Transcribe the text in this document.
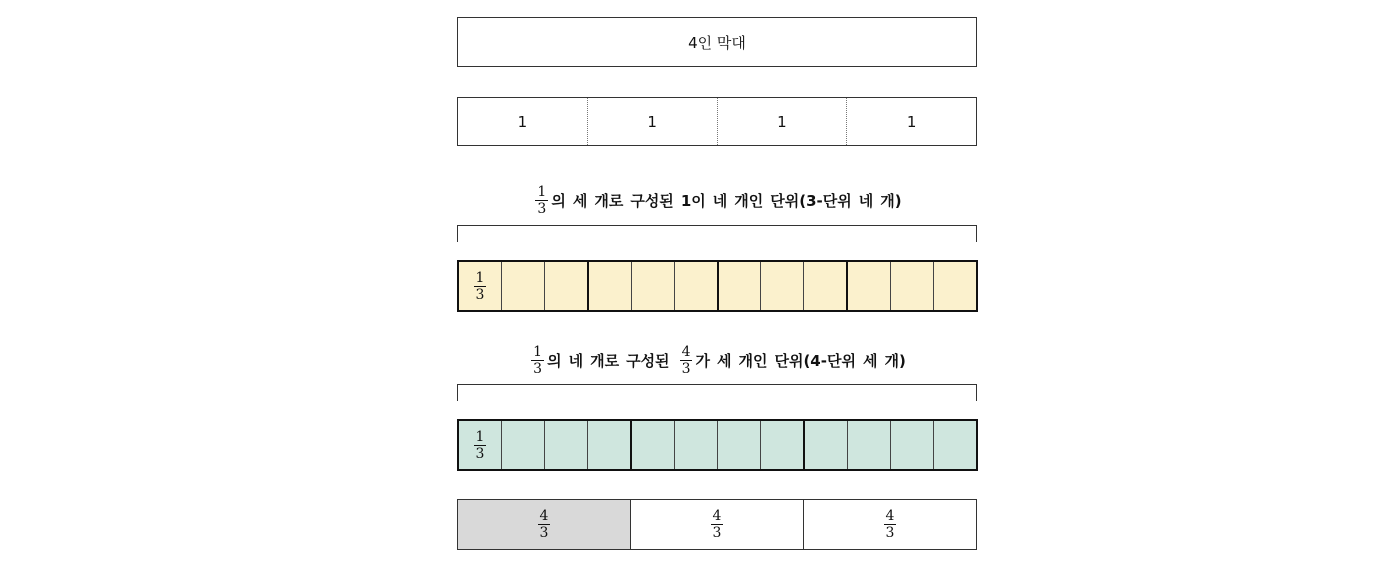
4인 막대
1	1	1	1
$\frac{1}{3}$ 의 세 개로 구성된 1이 네 개인 단위(3-단위 네 개)
$\frac{1}{3}$
$\frac{1}{3}$ 의 네 개로 구성된 $\frac{4}{3}$ 가 세 개인 단위(4-단위 세 개)
$\frac{1}{3}$
$\frac{4}{3}$	$\frac{4}{3}$	$\frac{4}{3}$
